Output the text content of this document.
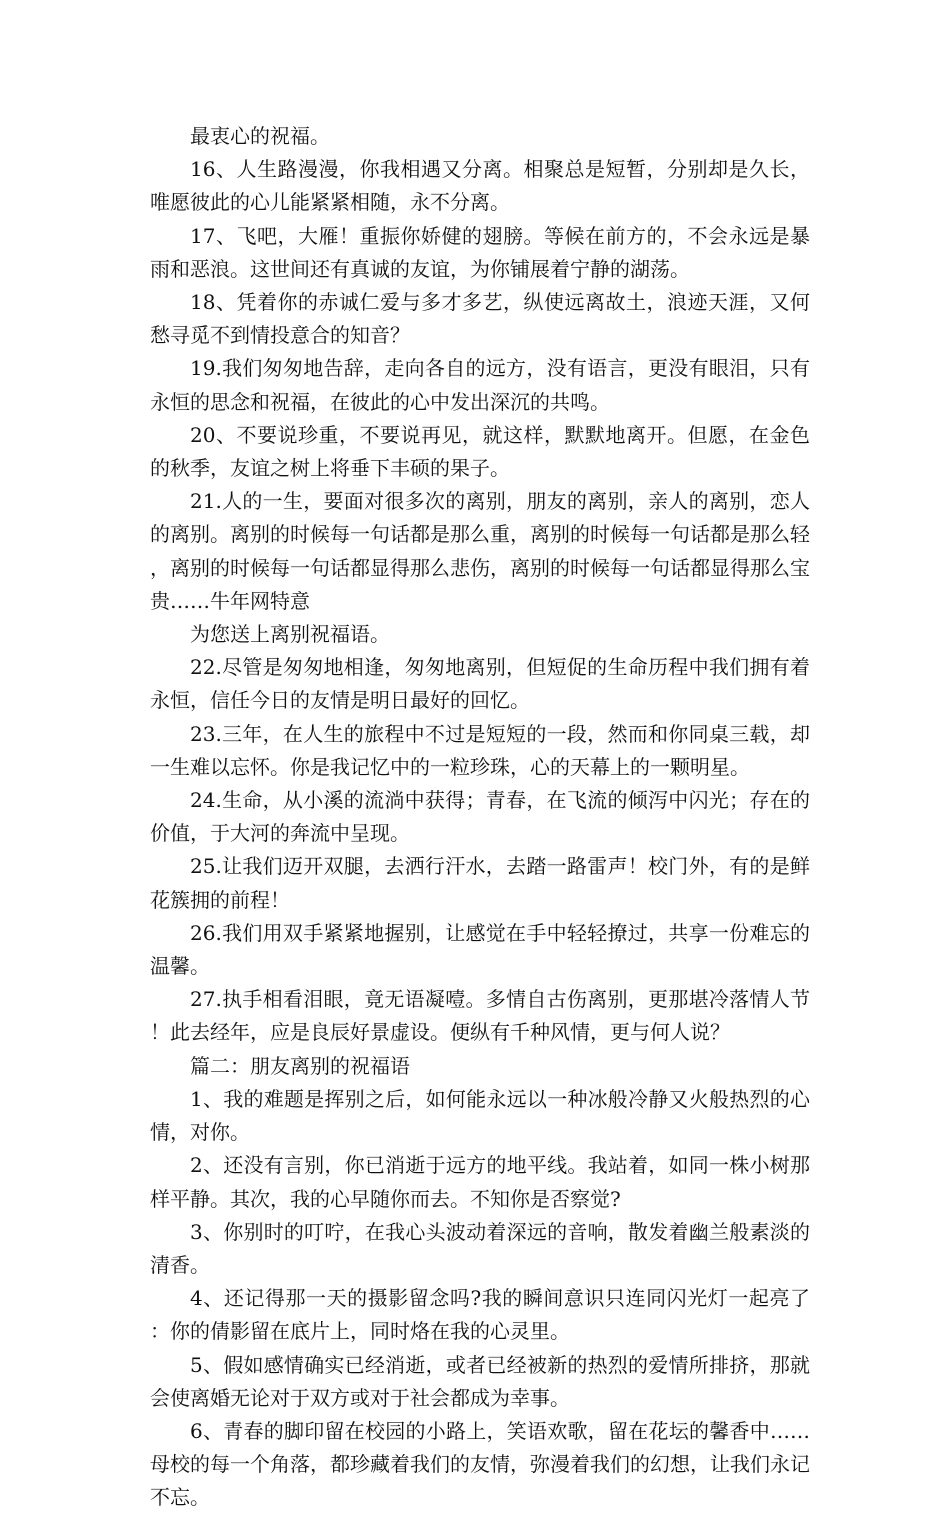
最衷心的祝福。

16、人生路漫漫，你我相遇又分离。相聚总是短暂，分别却是久长，唯愿彼此的心儿能紧紧相随，永不分离。

17、飞吧，大雁！重振你娇健的翅膀。等候在前方的，不会永远是暴雨和恶浪。这世间还有真诚的友谊，为你铺展着宁静的湖荡。

18、凭着你的赤诚仁爱与多才多艺，纵使远离故土，浪迹天涯，又何愁寻觅不到情投意合的知音？

19.我们匆匆地告辞，走向各自的远方，没有语言，更没有眼泪，只有永恒的思念和祝福，在彼此的心中发出深沉的共鸣。

20、不要说珍重，不要说再见，就这样，默默地离开。但愿，在金色的秋季，友谊之树上将垂下丰硕的果子。

21.人的一生，要面对很多次的离别，朋友的离别，亲人的离别，恋人的离别。离别的时候每一句话都是那么重，离别的时候每一句话都是那么轻，离别的时候每一句话都显得那么悲伤，离别的时候每一句话都显得那么宝贵……牛年网特意

为您送上离别祝福语。

22.尽管是匆匆地相逢，匆匆地离别，但短促的生命历程中我们拥有着永恒，信任今日的友情是明日最好的回忆。

23.三年，在人生的旅程中不过是短短的一段，然而和你同桌三载，却一生难以忘怀。你是我记忆中的一粒珍珠，心的天幕上的一颗明星。

24.生命，从小溪的流淌中获得；青春，在飞流的倾泻中闪光；存在的价值，于大河的奔流中呈现。

25.让我们迈开双腿，去洒行汗水，去踏一路雷声！校门外，有的是鲜花簇拥的前程！

26.我们用双手紧紧地握别，让感觉在手中轻轻撩过，共享一份难忘的温馨。

27.执手相看泪眼，竟无语凝噎。多情自古伤离别，更那堪冷落情人节！此去经年，应是良辰好景虚设。便纵有千种风情，更与何人说？

篇二：朋友离别的祝福语

1、我的难题是挥别之后，如何能永远以一种冰般冷静又火般热烈的心情，对你。

2、还没有言别，你已消逝于远方的地平线。我站着，如同一株小树那样平静。其次，我的心早随你而去。不知你是否察觉?

3、你别时的叮咛，在我心头波动着深远的音响，散发着幽兰般素淡的清香。

4、还记得那一天的摄影留念吗?我的瞬间意识只连同闪光灯一起亮了：你的倩影留在底片上，同时烙在我的心灵里。

5、假如感情确实已经消逝，或者已经被新的热烈的爱情所排挤，那就会使离婚无论对于双方或对于社会都成为幸事。

6、青春的脚印留在校园的小路上，笑语欢歌，留在花坛的馨香中……母校的每一个角落，都珍藏着我们的友情，弥漫着我们的幻想，让我们永记不忘。
